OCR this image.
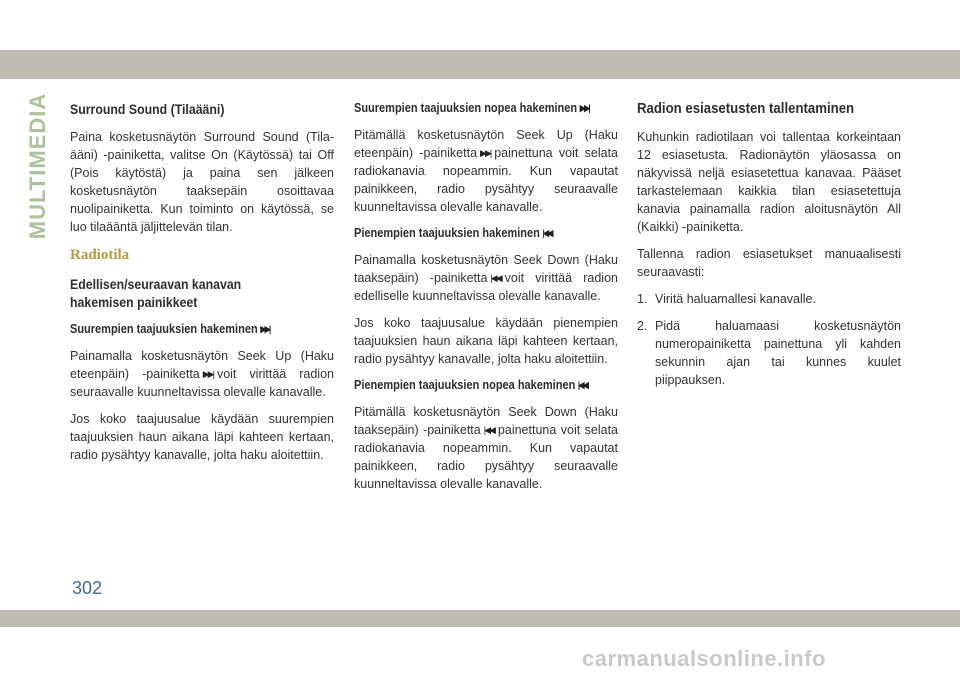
MULTIMEDIA Surround Sound (Tilaääni)

Paina kosketusnäytön Surround Sound (Tila-ääni) -painiketta, valitse On (Käytössä) tai Off (Pois käytöstä) ja paina sen jälkeen kosketusnäytön taaksepäin osoittavaa nuolipainiketta. Kun toiminto on käytössä, se luo tilaääntä jäljittelevän tilan.

Radiotila
Edellisen/seuraavan kanavan hakemisen painikkeet
Suurempien taajuuksien hakeminen ▶▶|

Painamalla kosketusnäytön Seek Up (Haku eteenpäin) -painiketta ▶▶| voit virittää radion seuraavalle kuunneltavissa olevalle kanavalle.

Jos koko taajuusalue käydään suurempien taajuuksien haun aikana läpi kahteen kertaan, radio pysähtyy kanavalle, jolta haku aloitettiin.

Suurempien taajuuksien nopea hakeminen ▶▶|

Pitämällä kosketusnäytön Seek Up (Haku eteenpäin) -painiketta ▶▶| painettuna voit selata radiokanavia nopeammin. Kun vapautat painikkeen, radio pysähtyy seuraavalle kuunneltavissa olevalle kanavalle.

Pienempien taajuuksien hakeminen |◀◀

Painamalla kosketusnäytön Seek Down (Haku taaksepäin) -painiketta |◀◀ voit virittää radion edelliselle kuunneltavissa olevalle kanavalle.

Jos koko taajuusalue käydään pienempien taajuuksien haun aikana läpi kahteen kertaan, radio pysähtyy kanavalle, jolta haku aloitettiin.

Pienempien taajuuksien nopea hakeminen |◀◀

Pitämällä kosketusnäytön Seek Down (Haku taaksepäin) -painiketta |◀◀ painettuna voit selata radiokanavia nopeammin. Kun vapautat painikkeen, radio pysähtyy seuraavalle kuunneltavissa olevalle kanavalle.

Radion esiasetusten tallentaminen

Kuhunkin radiotilaan voi tallentaa korkeintaan 12 esiasetusta. Radionäytön yläosassa on näkyvissä neljä esiasetettua kanavaa. Pääset tarkastelemaan kaikkia tilan esiasetettuja kanavia painamalla radion aloitusnäytön All (Kaikki) -painiketta.

Tallenna radion esiasetukset manuaalisesti seuraavasti:

1. Viritä haluamallesi kanavalle.
2. Pidä haluamaasi kosketusnäytön numeropainiketta painettuna yli kahden sekunnin ajan tai kunnes kuulet piippauksen.
302
carmanualsonline.info
